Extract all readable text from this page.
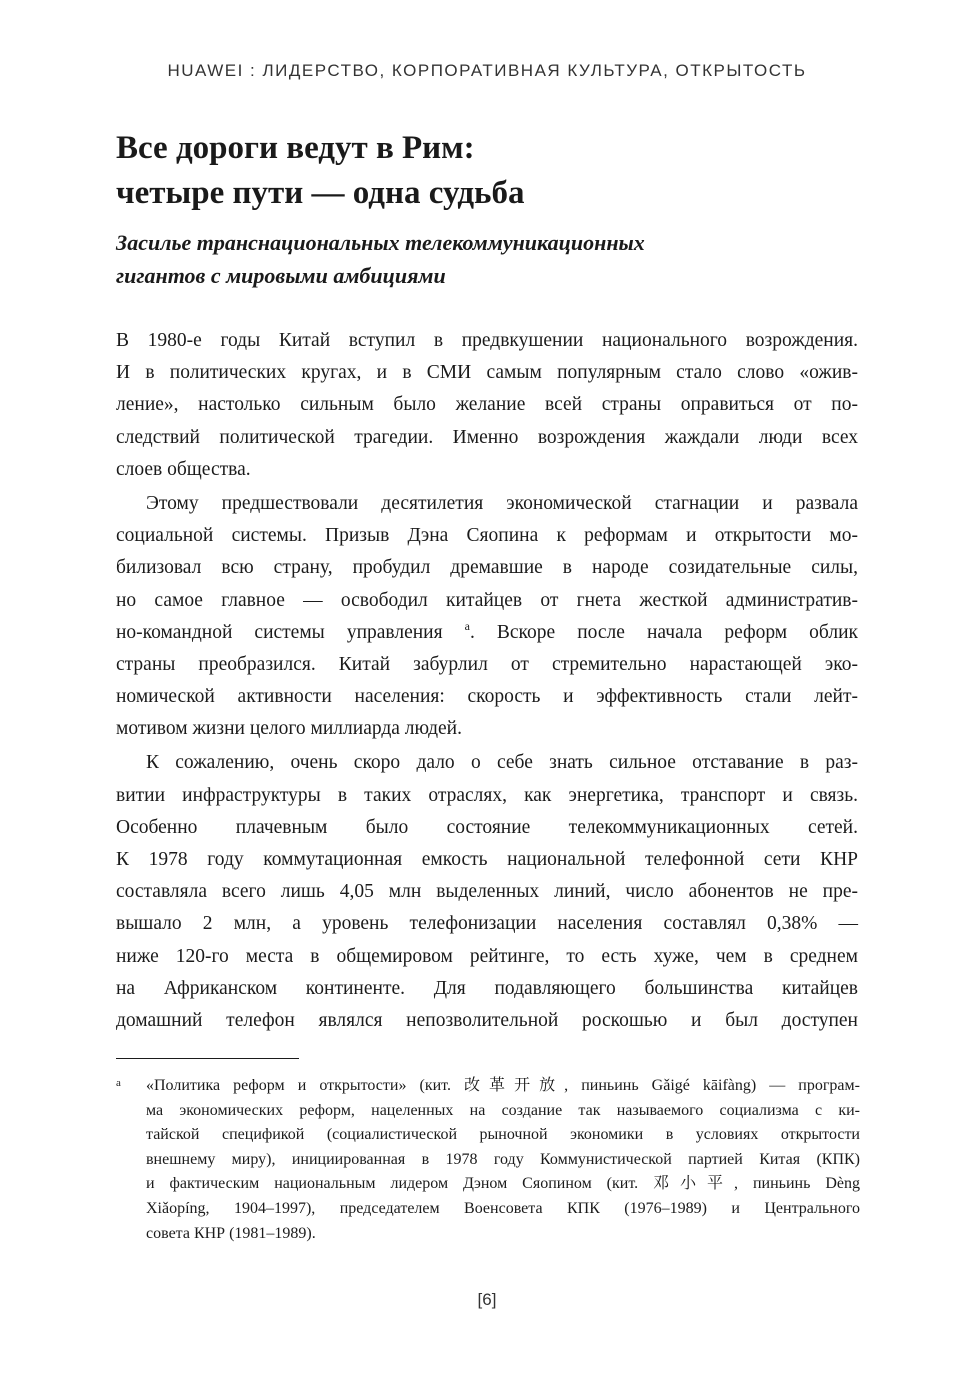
HUAWEI : ЛИДЕРСТВО, КОРПОРАТИВНАЯ КУЛЬТУРА, ОТКРЫТОСТЬ
Все дороги ведут в Рим:
четыре пути — одна судьба
Засилье транснациональных телекоммуникационных
гигантов с мировыми амбициями
В 1980-е годы Китай вступил в предвкушении национального возрождения.
И в политических кругах, и в СМИ самым популярным стало слово «ожив-
ление», настолько сильным было желание всей страны оправиться от по-
следствий политической трагедии. Именно возрождения жаждали люди всех
слоев общества.
Этому предшествовали десятилетия экономической стагнации и развала
социальной системы. Призыв Дэна Сяопина к реформам и открытости мо-
билизовал всю страну, пробудил дремавшие в народе созидательные силы,
но самое главное — освободил китайцев от гнета жесткой административ-
но-командной системы управления $^a$. Вскоре после начала реформ облик
страны преобразился. Китай забурлил от стремительно нарастающей эко-
номической активности населения: скорость и эффективность стали лейт-
мотивом жизни целого миллиарда людей.
К сожалению, очень скоро дало о себе знать сильное отставание в раз-
витии инфраструктуры в таких отраслях, как энергетика, транспорт и связь.
Особенно плачевным было состояние телекоммуникационных сетей.
К 1978 году коммутационная емкость национальной телефонной сети КНР
составляла всего лишь 4,05 млн выделенных линий, число абонентов не пре-
вышало 2 млн, а уровень телефонизации населения составлял 0,38% —
ниже 120-го места в общемировом рейтинге, то есть хуже, чем в среднем
на Африканском континенте. Для подавляющего большинства китайцев
домашний телефон являлся непозволительной роскошью и был доступен
a «Политика реформ и открытости» (кит. 改革开放, пиньинь Gǎigé kāifàng) — програм-
ма экономических реформ, нацеленных на создание так называемого социализма с ки-
тайской спецификой (социалистической рыночной экономики в условиях открытости
внешнему миру), инициированная в 1978 году Коммунистической партией Китая (КПК)
и фактическим национальным лидером Дэном Сяопином (кит. 邓小平, пиньинь Dèng
Xiǎopíng, 1904–1997), председателем Военсовета КПК (1976–1989) и Центрального
совета КНР (1981–1989).
[6]
